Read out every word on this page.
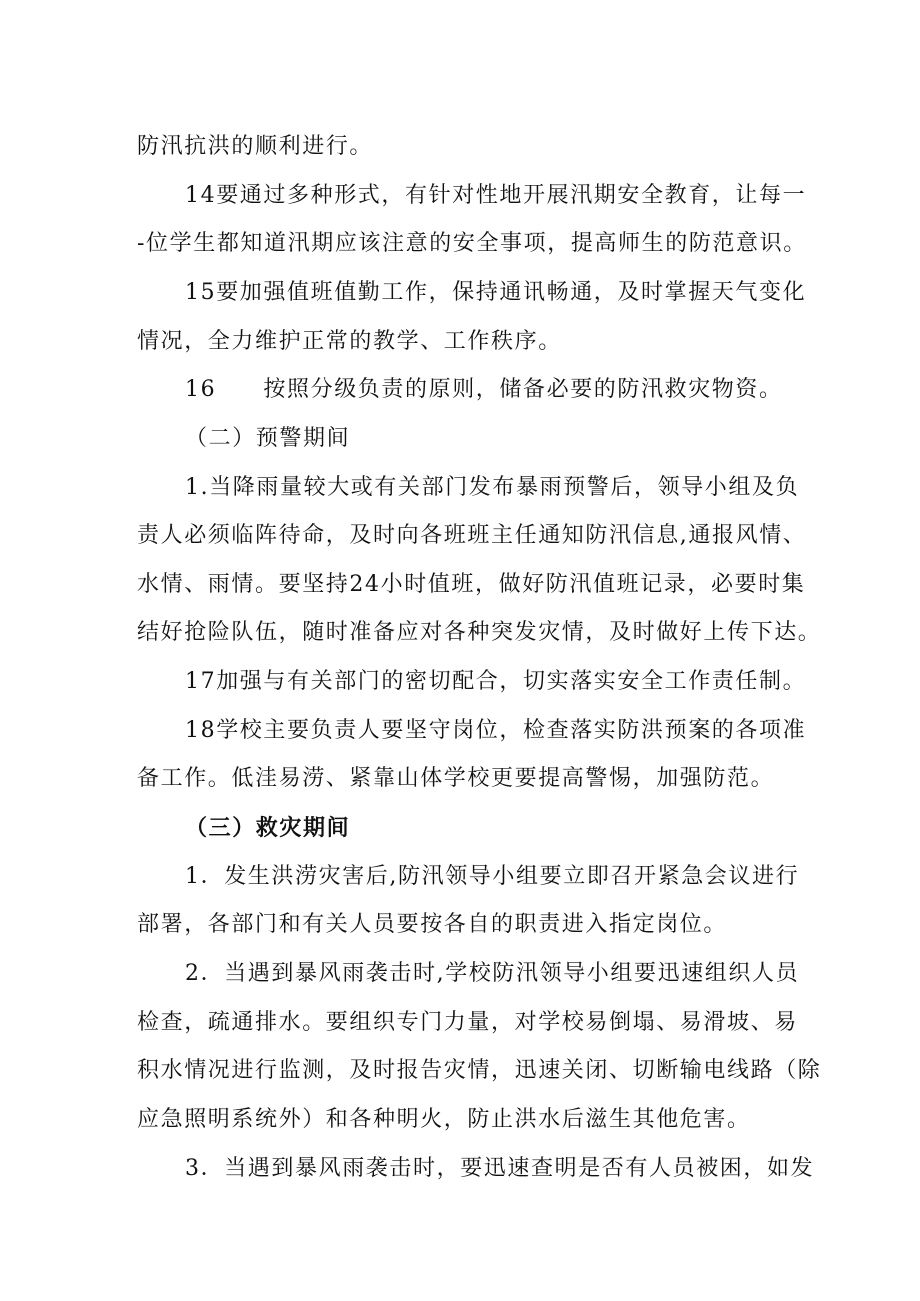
防汛抗洪的顺利进行。
14要通过多种形式，有针对性地开展汛期安全教育，让每一
-位学生都知道汛期应该注意的安全事项，提高师生的防范意识。
15要加强值班值勤工作，保持通讯畅通，及时掌握天气变化
情况，全力维护正常的教学、工作秩序。
16　　按照分级负责的原则，储备必要的防汛救灾物资。
（二）预警期间
1.当降雨量较大或有关部门发布暴雨预警后，领导小组及负
责人必须临阵待命，及时向各班班主任通知防汛信息,通报风情、
水情、雨情。要坚持24小时值班，做好防汛值班记录，必要时集
结好抢险队伍，随时准备应对各种突发灾情，及时做好上传下达。
17加强与有关部门的密切配合，切实落实安全工作责任制。
18学校主要负责人要坚守岗位，检查落实防洪预案的各项准
备工作。低洼易涝、紧靠山体学校更要提高警惕，加强防范。
（三）救灾期间
1．发生洪涝灾害后,防汛领导小组要立即召开紧急会议进行
部署，各部门和有关人员要按各自的职责进入指定岗位。
2．当遇到暴风雨袭击时,学校防汛领导小组要迅速组织人员
检查，疏通排水。要组织专门力量，对学校易倒塌、易滑坡、易
积水情况进行监测，及时报告灾情，迅速关闭、切断输电线路（除
应急照明系统外）和各种明火，防止洪水后滋生其他危害。
3．当遇到暴风雨袭击时，要迅速查明是否有人员被困，如发
